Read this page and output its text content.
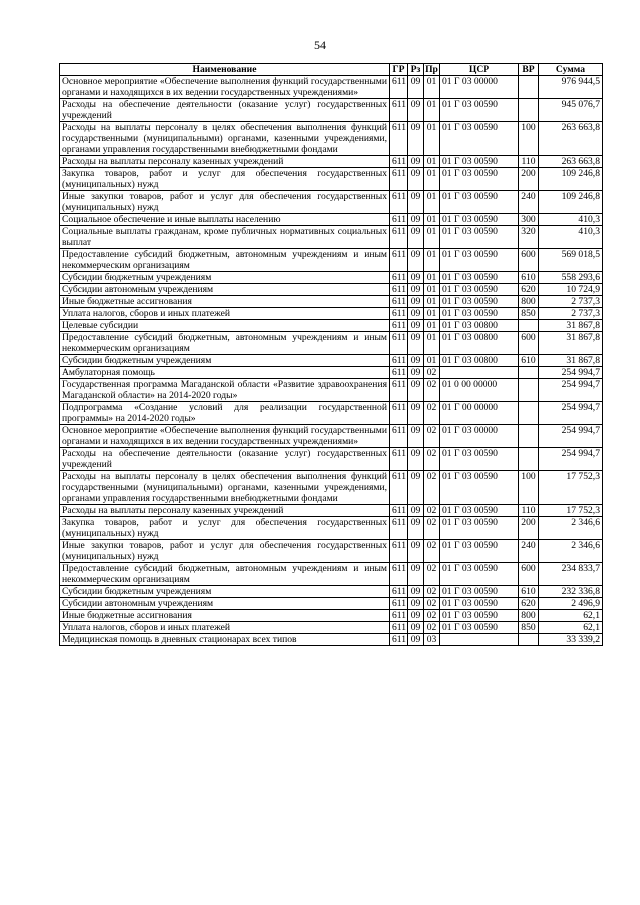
54
Наименование	ГР	Рз	Пр	ЦСР	ВР	Сумма
Основное мероприятие «Обеспечение выполнения функций государственными органами и находящихся в их ведении государственных учреждениями»	611	09	01	01 Г 03 00000		976 944,5
Расходы на обеспечение деятельности (оказание услуг) государственных учреждений	611	09	01	01 Г 03 00590		945 076,7
Расходы на выплаты персоналу в целях обеспечения выполнения функций государственными (муниципальными) органами, казенными учреждениями, органами управления государственными внебюджетными фондами	611	09	01	01 Г 03 00590	100	263 663,8
Расходы на выплаты персоналу казенных учреждений	611	09	01	01 Г 03 00590	110	263 663,8
Закупка товаров, работ и услуг для обеспечения государственных (муниципальных) нужд	611	09	01	01 Г 03 00590	200	109 246,8
Иные закупки товаров, работ и услуг для обеспечения государственных (муниципальных) нужд	611	09	01	01 Г 03 00590	240	109 246,8
Социальное обеспечение и иные выплаты населению	611	09	01	01 Г 03 00590	300	410,3
Социальные выплаты гражданам, кроме публичных нормативных социальных выплат	611	09	01	01 Г 03 00590	320	410,3
Предоставление субсидий бюджетным, автономным учреждениям и иным некоммерческим организациям	611	09	01	01 Г 03 00590	600	569 018,5
Субсидии бюджетным учреждениям	611	09	01	01 Г 03 00590	610	558 293,6
Субсидии автономным учреждениям	611	09	01	01 Г 03 00590	620	10 724,9
Иные бюджетные ассигнования	611	09	01	01 Г 03 00590	800	2 737,3
Уплата налогов, сборов и иных платежей	611	09	01	01 Г 03 00590	850	2 737,3
Целевые субсидии	611	09	01	01 Г 03 00800		31 867,8
Предоставление субсидий бюджетным, автономным учреждениям и иным некоммерческим организациям	611	09	01	01 Г 03 00800	600	31 867,8
Субсидии бюджетным учреждениям	611	09	01	01 Г 03 00800	610	31 867,8
Амбулаторная помощь	611	09	02			254 994,7
Государственная программа Магаданской области «Развитие здравоохранения Магаданской области» на 2014-2020 годы»	611	09	02	01 0 00 00000		254 994,7
Подпрограмма «Создание условий для реализации государственной программы» на 2014-2020 годы»	611	09	02	01 Г 00 00000		254 994,7
Основное мероприятие «Обеспечение выполнения функций государственными органами и находящихся в их ведении государственных учреждениями»	611	09	02	01 Г 03 00000		254 994,7
Расходы на обеспечение деятельности (оказание услуг) государственных учреждений	611	09	02	01 Г 03 00590		254 994,7
Расходы на выплаты персоналу в целях обеспечения выполнения функций государственными (муниципальными) органами, казенными учреждениями, органами управления государственными внебюджетными фондами	611	09	02	01 Г 03 00590	100	17 752,3
Расходы на выплаты персоналу казенных учреждений	611	09	02	01 Г 03 00590	110	17 752,3
Закупка товаров, работ и услуг для обеспечения государственных (муниципальных) нужд	611	09	02	01 Г 03 00590	200	2 346,6
Иные закупки товаров, работ и услуг для обеспечения государственных (муниципальных) нужд	611	09	02	01 Г 03 00590	240	2 346,6
Предоставление субсидий бюджетным, автономным учреждениям и иным некоммерческим организациям	611	09	02	01 Г 03 00590	600	234 833,7
Субсидии бюджетным учреждениям	611	09	02	01 Г 03 00590	610	232 336,8
Субсидии автономным учреждениям	611	09	02	01 Г 03 00590	620	2 496,9
Иные бюджетные ассигнования	611	09	02	01 Г 03 00590	800	62,1
Уплата налогов, сборов и иных платежей	611	09	02	01 Г 03 00590	850	62,1
Медицинская помощь в дневных стационарах всех типов	611	09	03			33 339,2
